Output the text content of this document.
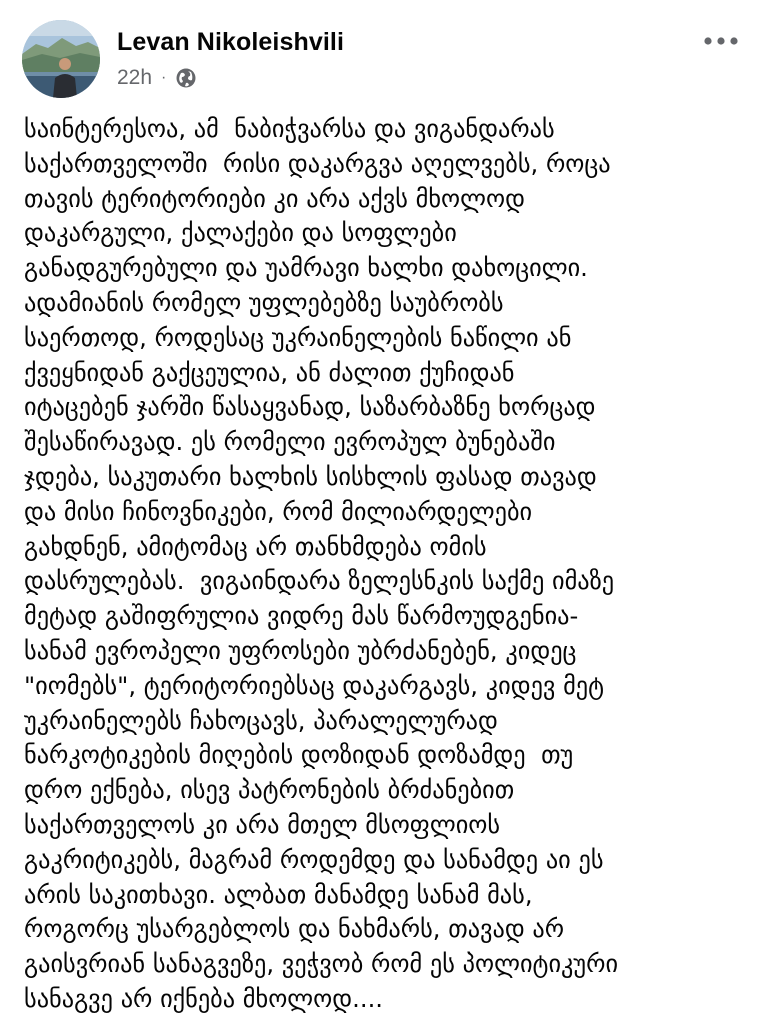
Levan Nikoleishvili
22h ·
საინტერესოა, ამ  ნაბიჭვარსა და ვიგანდარას
საქართველოში  რისი დაკარგვა აღელვებს, როცა
თავის ტერიტორიები კი არა აქვს მხოლოდ
დაკარგული, ქალაქები და სოფლები
განადგურებული და უამრავი ხალხი დახოცილი.
ადამიანის რომელ უფლებებზე საუბრობს
საერთოდ, როდესაც უკრაინელების ნაწილი ან
ქვეყნიდან გაქცეულია, ან ძალით ქუჩიდან
იტაცებენ ჯარში წასაყვანად, საზარბაზნე ხორცად
შესაწირავად. ეს რომელი ევროპულ ბუნებაში
ჯდება, საკუთარი ხალხის სისხლის ფასად თავად
და მისი ჩინოვნიკები, რომ მილიარდელები
გახდნენ, ამიტომაც არ თანხმდება ომის
დასრულებას.  ვიგაინდარა ზელესნკის საქმე იმაზე
მეტად გაშიფრულია ვიდრე მას წარმოუდგენია-
სანამ ევროპელი უფროსები უბრძანებენ, კიდეც
"იომებს", ტერიტორიებსაც დაკარგავს, კიდევ მეტ
უკრაინელებს ჩახოცავს, პარალელურად
ნარკოტიკების მიღების დოზიდან დოზამდე  თუ
დრო ექნება, ისევ პატრონების ბრძანებით
საქართველოს კი არა მთელ მსოფლიოს
გაკრიტიკებს, მაგრამ როდემდე და სანამდე აი ეს
არის საკითხავი. ალბათ მანამდე სანამ მას,
როგორც უსარგებლოს და ნახმარს, თავად არ
გაისვრიან სანაგვეზე, ვეჭვობ რომ ეს პოლიტიკური
სანაგვე არ იქნება მხოლოდ....
